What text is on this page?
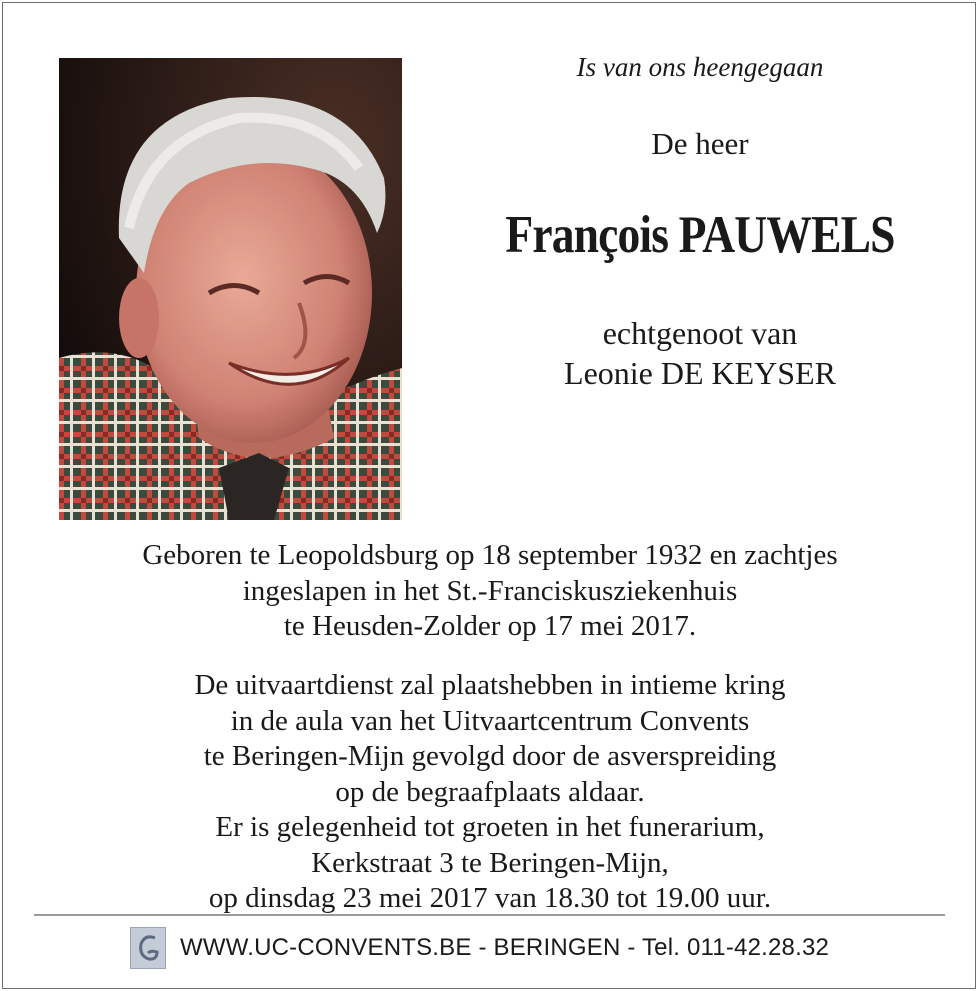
Is van ons heengegaan
De heer
François PAUWELS
echtgenoot van
Leonie DE KEYSER
Geboren te Leopoldsburg op 18 september 1932 en zachtjes
ingeslapen in het St.-Franciskusziekenhuis
te Heusden-Zolder op 17 mei 2017.
De uitvaartdienst zal plaatshebben in intieme kring
in de aula van het Uitvaartcentrum Convents
te Beringen-Mijn gevolgd door de asverspreiding
op de begraafplaats aldaar.
Er is gelegenheid tot groeten in het funerarium,
Kerkstraat 3 te Beringen-Mijn,
op dinsdag 23 mei 2017 van 18.30 tot 19.00 uur.
WWW.UC-CONVENTS.BE - BERINGEN - Tel. 011-42.28.32
